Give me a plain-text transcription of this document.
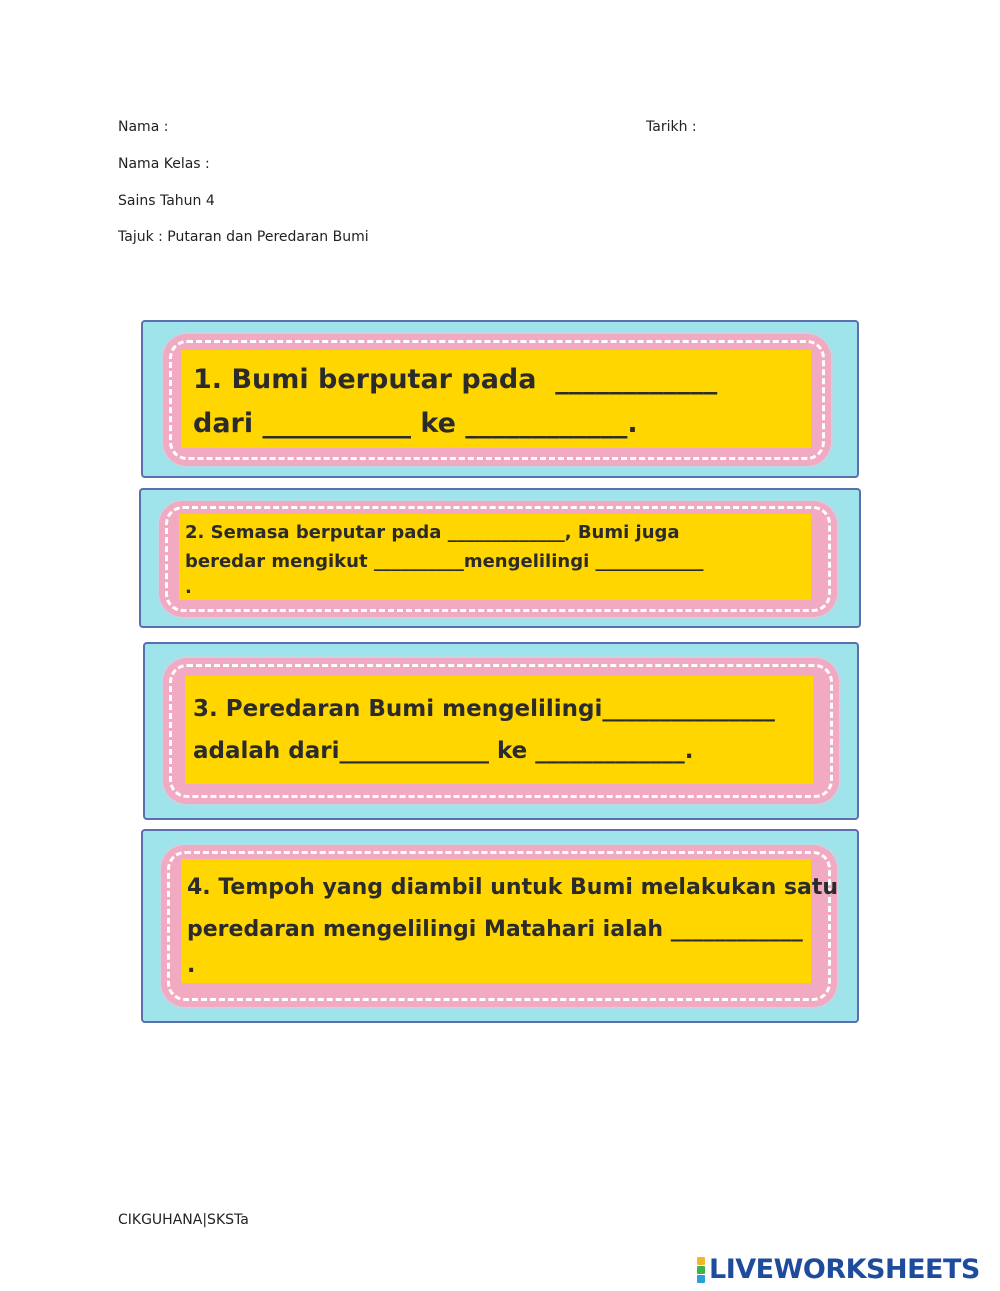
Nama :	Tarikh :
Nama Kelas :
Sains Tahun 4
Tajuk : Putaran dan Peredaran Bumi

1. Bumi berputar pada  ____________

dari ___________ ke ____________.

2. Semasa berputar pada _____________, Bumi juga

beredar mengikut __________mengelilingi ____________

.

3. Peredaran Bumi mengelilingi_______________

adalah dari_____________ ke _____________.

4. Tempoh yang diambil untuk Bumi melakukan satu

peredaran mengelilingi Matahari ialah ____________

.

CIKGUHANA|SKSTa
LIVEWORKSHEETS
